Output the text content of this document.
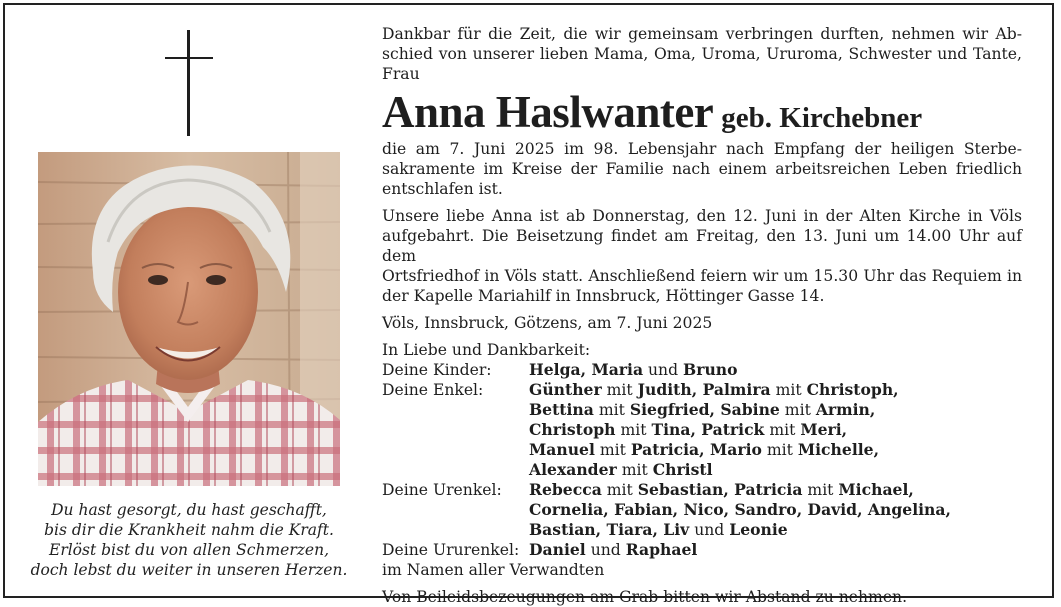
Du hast gesorgt, du hast geschafft,
bis dir die Krankheit nahm die Kraft.
Erlöst bist du von allen Schmerzen,
doch lebst du weiter in unseren Herzen.
Dankbar für die Zeit, die wir gemeinsam verbringen durften, nehmen wir Ab-
schied von unserer lieben Mama, Oma, Uroma, Ururoma, Schwester und Tante,
Frau
Anna Haslwanter geb. Kirchebner
die am 7. Juni 2025 im 98. Lebensjahr nach Empfang der heiligen Sterbe-
sakramente im Kreise der Familie nach einem arbeitsreichen Leben friedlich
entschlafen ist.
Unsere liebe Anna ist ab Donnerstag, den 12. Juni in der Alten Kirche in Völs
aufgebahrt. Die Beisetzung findet am Freitag, den 13. Juni um 14.00 Uhr auf dem
Ortsfriedhof in Völs statt. Anschließend feiern wir um 15.30 Uhr das Requiem in
der Kapelle Mariahilf in Innsbruck, Höttinger Gasse 14.
Völs, Innsbruck, Götzens, am 7. Juni 2025
In Liebe und Dankbarkeit:
Deine Kinder:	Helga, Maria und Bruno
Deine Enkel:	Günther mit Judith, Palmira mit Christoph,
Bettina mit Siegfried, Sabine mit Armin,
Christoph mit Tina, Patrick mit Meri,
Manuel mit Patricia, Mario mit Michelle,
Alexander mit Christl
Deine Urenkel:	Rebecca mit Sebastian, Patricia mit Michael,
Cornelia, Fabian, Nico, Sandro, David, Angelina,
Bastian, Tiara, Liv und Leonie
Deine Ururenkel: Daniel und Raphael
im Namen aller Verwandten
Von Beileidsbezeugungen am Grab bitten wir Abstand zu nehmen.
